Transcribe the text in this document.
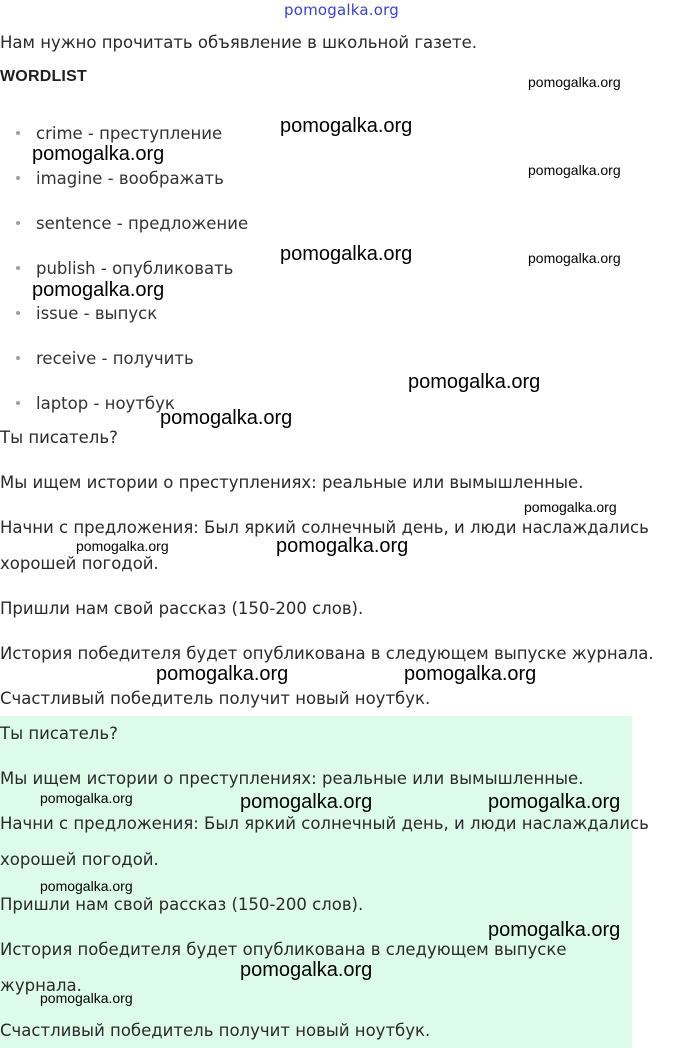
pomogalka.org

Нам нужно прочитать объявление в школьной газете.

WORDLIST
crime - преступление
imagine - воображать
sentence - предложение
publish - опубликовать
issue - выпуск
receive - получить
laptop - ноутбук

Ты писатель?

Мы ищем истории о преступлениях: реальные или вымышленные.

Начни с предложения: Был яркий солнечный день, и люди наслаждались

хорошей погодой.

Пришли нам свой рассказ (150-200 слов).

История победителя будет опубликована в следующем выпуске журнала.

Счастливый победитель получит новый ноутбук.

Ты писатель?

Мы ищем истории о преступлениях: реальные или вымышленные.

Начни с предложения: Был яркий солнечный день, и люди наслаждались

хорошей погодой.

Пришли нам свой рассказ (150-200 слов).

История победителя будет опубликована в следующем выпуске

журнала.

Счастливый победитель получит новый ноутбук.

pomogalka.org
pomogalka.org
pomogalka.org
pomogalka.org
pomogalka.org	pomogalka.org
pomogalka.org
pomogalka.org
pomogalka.org
pomogalka.org
pomogalka.org	pomogalka.org
pomogalka.org	pomogalka.org
pomogalka.org	pomogalka.org	pomogalka.org
pomogalka.org
pomogalka.org
pomogalka.org
pomogalka.org
